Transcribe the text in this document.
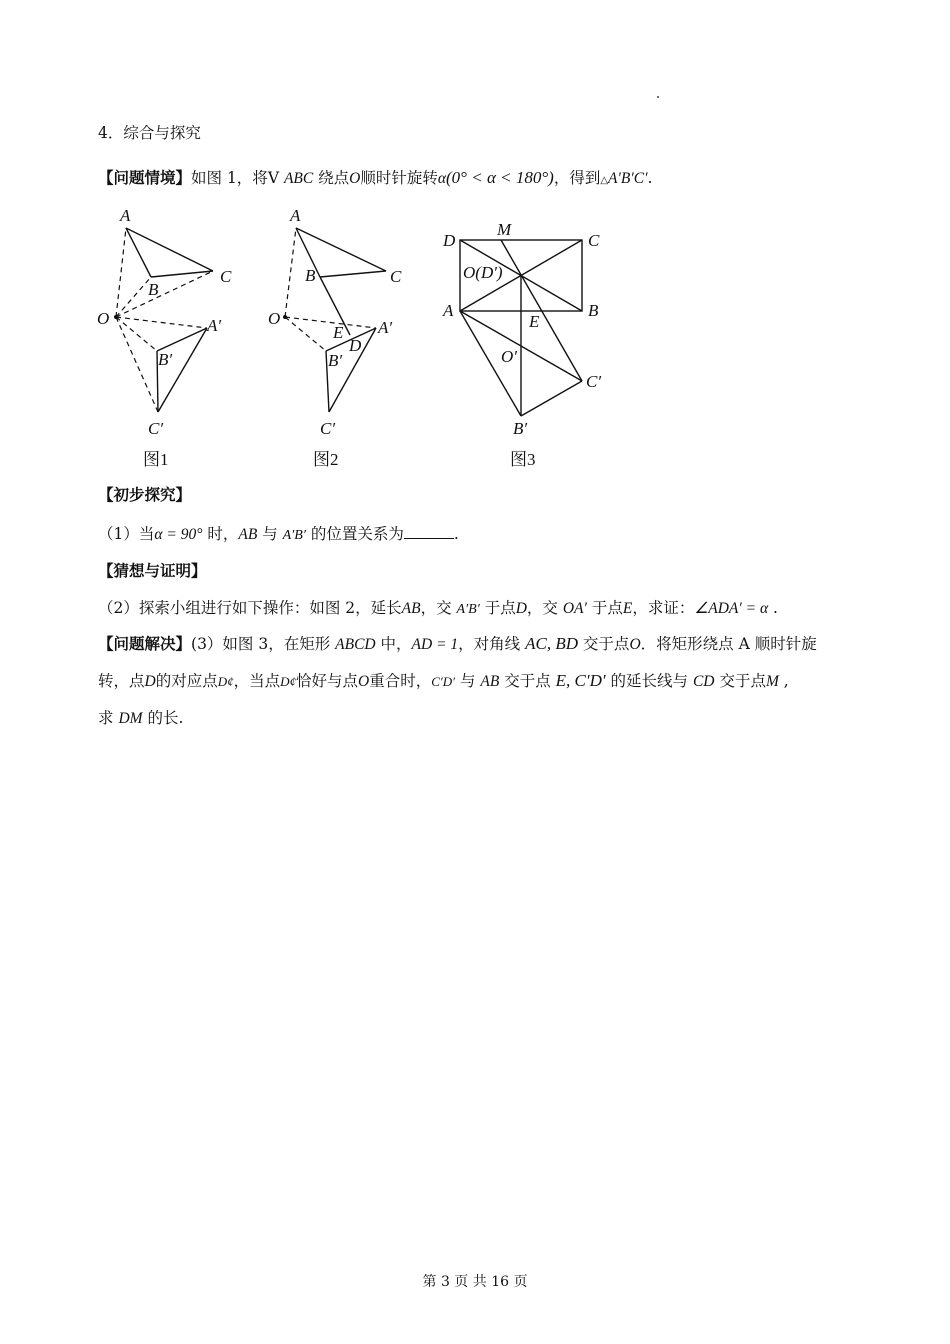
4．综合与探究
【问题情境】如图 1，将V ABC 绕点O顺时针旋转α(0° < α < 180°)，得到△A′B′C′.
A
B
C
O	A′
B′
C′
图1
A
B	C
O	A′
E
D
B′
C′
图2
D
M
C
O(D′)
A	B
E
O′
C′
B′
图3
【初步探究】
（1）当α = 90° 时，AB 与 A′B′ 的位置关系为	.
【猜想与证明】
（2）探索小组进行如下操作：如图 2，延长AB，交 A′B′ 于点D，交 OA′ 于点E，求证：∠ADA′ = α .
【问题解决】(3）如图 3，在矩形 ABCD 中，AD = 1，对角线 AC, BD 交于点O．将矩形绕点 A 顺时针旋
转，点D的对应点D¢，当点D¢恰好与点O重合时，C′D′ 与 AB 交于点 E, C′D′ 的延长线与 CD 交于点M ,
求 DM 的长.
第 3 页 共 16 页
